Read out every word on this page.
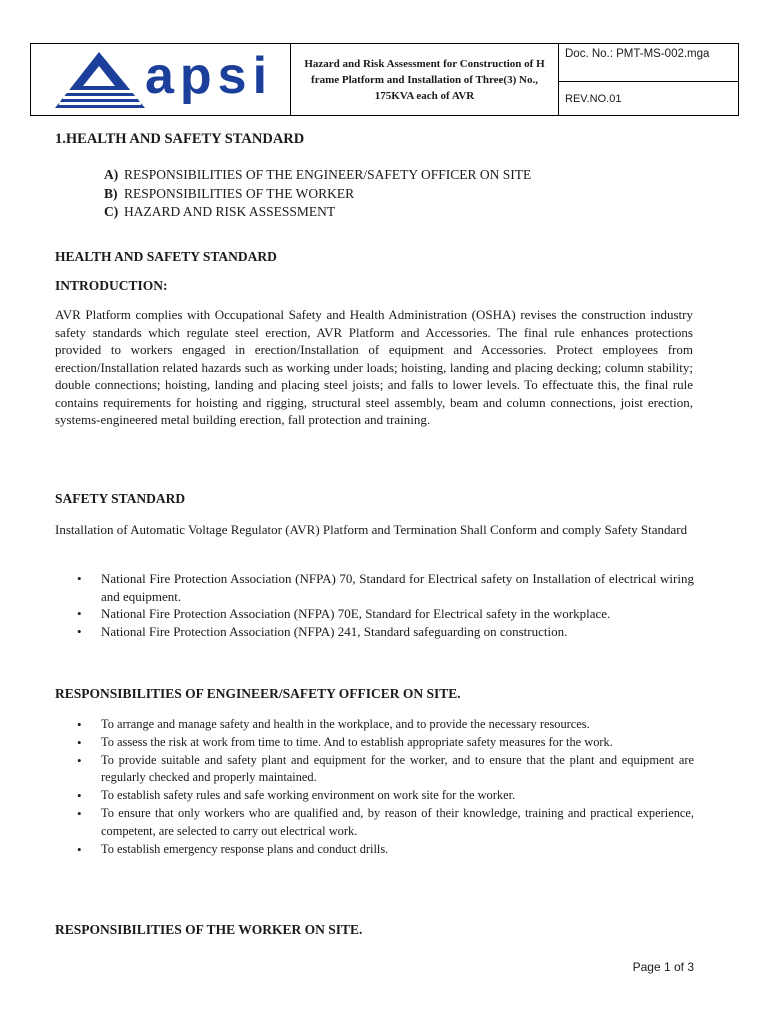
apsi	Hazard and Risk Assessment for Construction of H frame Platform and Installation of Three(3) No., 175KVA each of AVR
Doc. No.: PMT-MS-002.mga
REV.NO.01
1.HEALTH AND SAFETY STANDARD
A) RESPONSIBILITIES OF THE ENGINEER/SAFETY OFFICER ON SITE
B) RESPONSIBILITIES OF THE WORKER
C) HAZARD AND RISK ASSESSMENT
HEALTH AND SAFETY STANDARD
INTRODUCTION:
AVR Platform complies with Occupational Safety and Health Administration (OSHA) revises the construction industry safety standards which regulate steel erection, AVR Platform and Accessories. The final rule enhances protections provided to workers engaged in erection/Installation of equipment and Accessories. Protect employees from erection/Installation related hazards such as working under loads; hoisting, landing and placing decking; column stability; double connections; hoisting, landing and placing steel joists; and falls to lower levels. To effectuate this, the final rule contains requirements for hoisting and rigging, structural steel assembly, beam and column connections, joist erection, systems-engineered metal building erection, fall protection and training.
SAFETY STANDARD
Installation of Automatic Voltage Regulator (AVR) Platform and Termination Shall Conform and comply Safety Standard
• National Fire Protection Association (NFPA) 70, Standard for Electrical safety on Installation of electrical wiring and equipment.
• National Fire Protection Association (NFPA) 70E, Standard for Electrical safety in the workplace.
• National Fire Protection Association (NFPA) 241, Standard safeguarding on construction.
RESPONSIBILITIES OF ENGINEER/SAFETY OFFICER ON SITE.
• To arrange and manage safety and health in the workplace, and to provide the necessary resources.
• To assess the risk at work from time to time. And to establish appropriate safety measures for the work.
• To provide suitable and safety plant and equipment for the worker, and to ensure that the plant and equipment are regularly checked and properly maintained.
• To establish safety rules and safe working environment on work site for the worker.
• To ensure that only workers who are qualified and, by reason of their knowledge, training and practical experience, competent, are selected to carry out electrical work.
• To establish emergency response plans and conduct drills.
RESPONSIBILITIES OF THE WORKER ON SITE.
Page 1 of 3
